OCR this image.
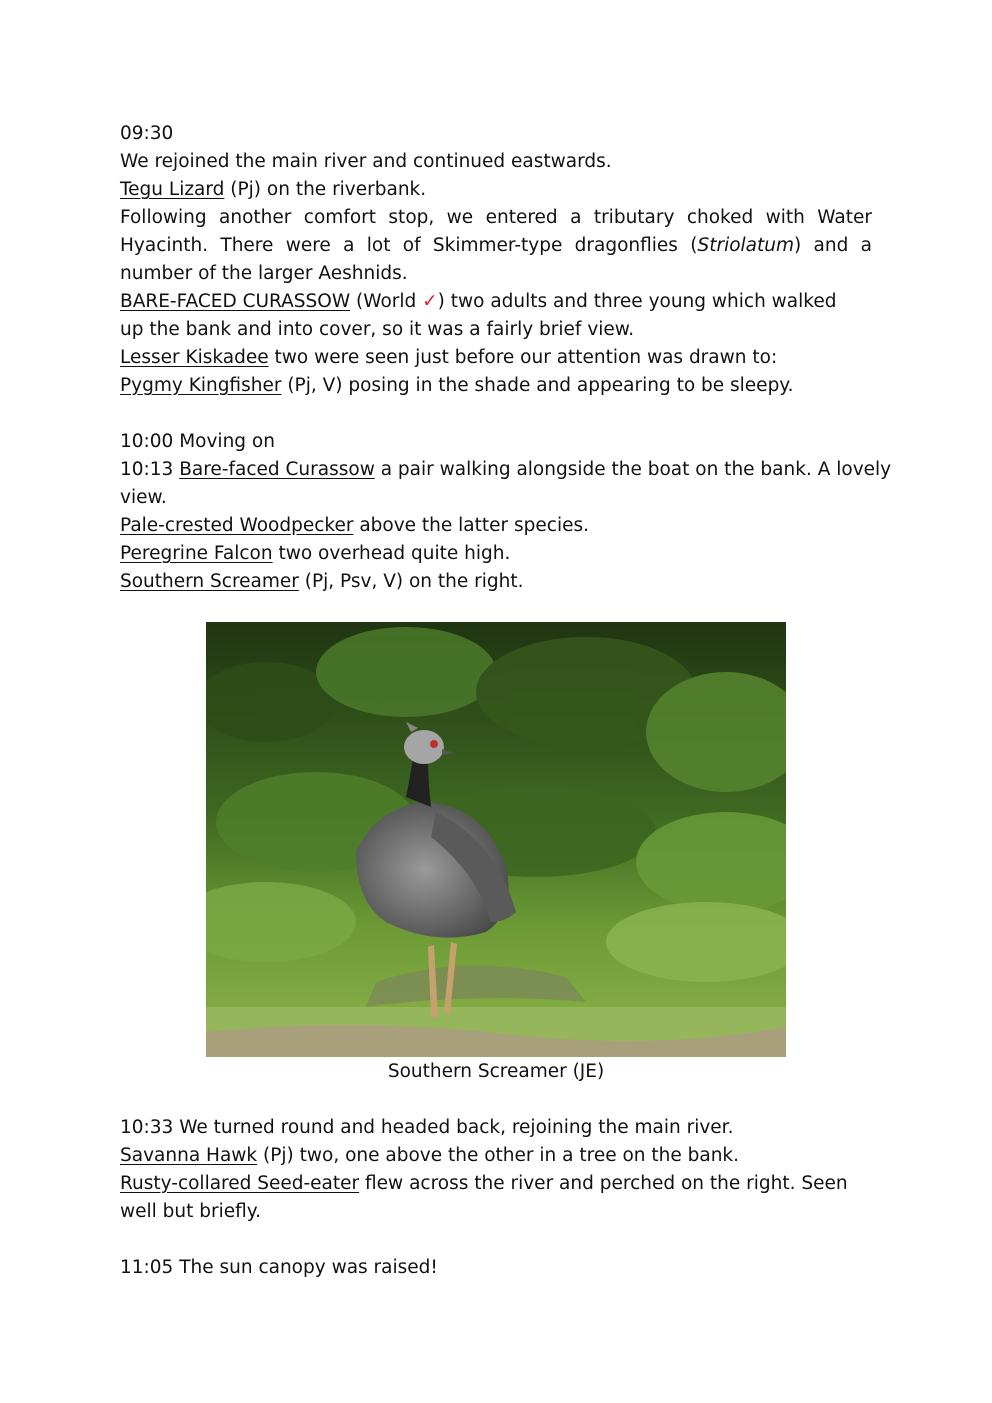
09:30
We rejoined the main river and continued eastwards.
Tegu Lizard (Pj) on the riverbank.
Following another comfort stop, we entered a tributary choked with Water
Hyacinth. There were a lot of Skimmer-type dragonflies (Striolatum) and a
number of the larger Aeshnids.
BARE-FACED CURASSOW (World ✓) two adults and three young which walked
up the bank and into cover, so it was a fairly brief view.
Lesser Kiskadee two were seen just before our attention was drawn to:
Pygmy Kingfisher (Pj, V) posing in the shade and appearing to be sleepy.
10:00 Moving on
10:13 Bare-faced Curassow a pair walking alongside the boat on the bank. A lovely
view.
Pale-crested Woodpecker above the latter species.
Peregrine Falcon two overhead quite high.
Southern Screamer (Pj, Psv, V) on the right.
Southern Screamer (JE)
10:33 We turned round and headed back, rejoining the main river.
Savanna Hawk (Pj) two, one above the other in a tree on the bank.
Rusty-collared Seed-eater flew across the river and perched on the right. Seen
well but briefly.
11:05 The sun canopy was raised!
